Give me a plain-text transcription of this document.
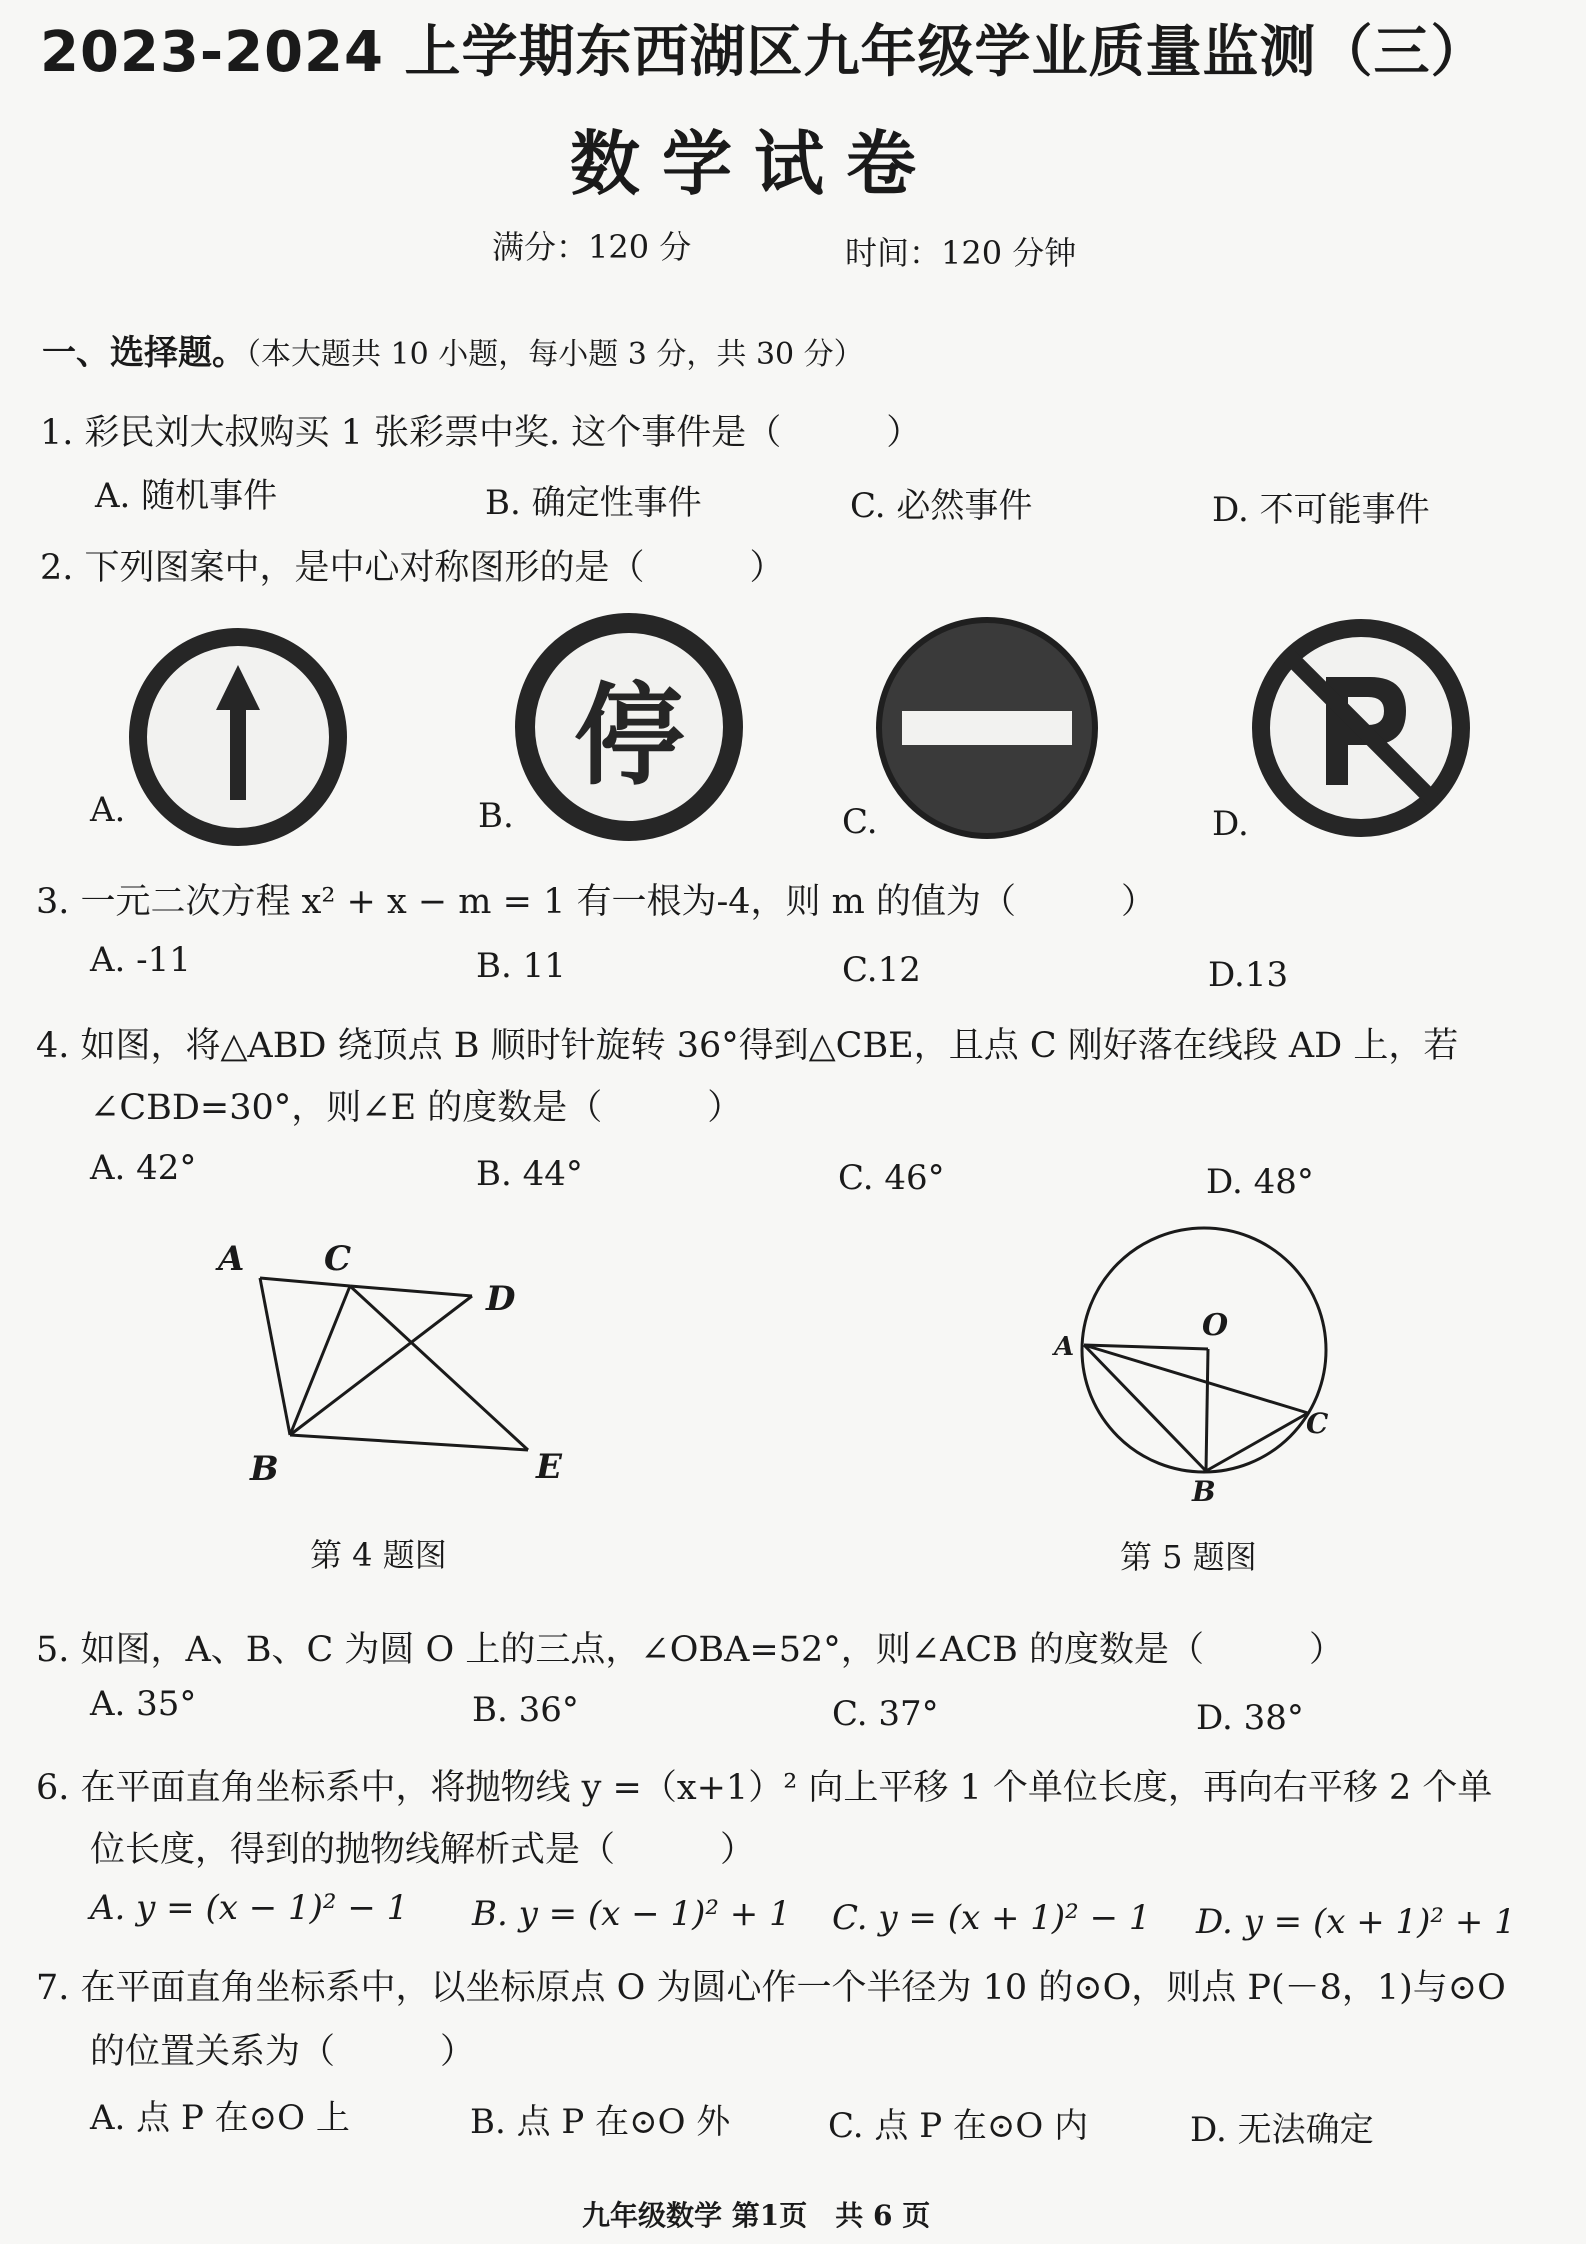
2023-2024 上学期东西湖区九年级学业质量监测（三）
数学试卷
满分：120 分	时间：120 分钟
一、选择题。（本大题共 10 小题，每小题 3 分，共 30 分）
1. 彩民刘大叔购买 1 张彩票中奖. 这个事件是（　　　）
A. 随机事件	B. 确定性事件	C. 必然事件	D. 不可能事件
2. 下列图案中，是中心对称图形的是（　　　）
A.
停
B.	C.	D.
3. 一元二次方程 x² + x − m = 1 有一根为-4，则 m 的值为（　　　）
A. -11	B. 11	C.12	D.13
4. 如图，将△ABD 绕顶点 B 顺时针旋转 36°得到△CBE，且点 C 刚好落在线段 AD 上，若
∠CBD=30°，则∠E 的度数是（　　　）
A. 42°	B. 44°	C. 46°	D. 48°
A C
D
B	E
第 4 题图
A
O
C
B
第 5 题图
5. 如图，A、B、C 为圆 O 上的三点，∠OBA=52°，则∠ACB 的度数是（　　　）
A. 35°	B. 36°	C. 37°	D. 38°
6. 在平面直角坐标系中，将抛物线 y =（x+1）² 向上平移 1 个单位长度，再向右平移 2 个单
位长度，得到的抛物线解析式是（　　　）
A. y = (x − 1)² − 1 B. y = (x − 1)² + 1 C. y = (x + 1)² − 1 D. y = (x + 1)² + 1
7. 在平面直角坐标系中，以坐标原点 O 为圆心作一个半径为 10 的⊙O，则点 P(－8，1)与⊙O
的位置关系为（　　　）
A. 点 P 在⊙O 上	B. 点 P 在⊙O 外	C. 点 P 在⊙O 内	D. 无法确定
九年级数学 第1页　共 6 页
